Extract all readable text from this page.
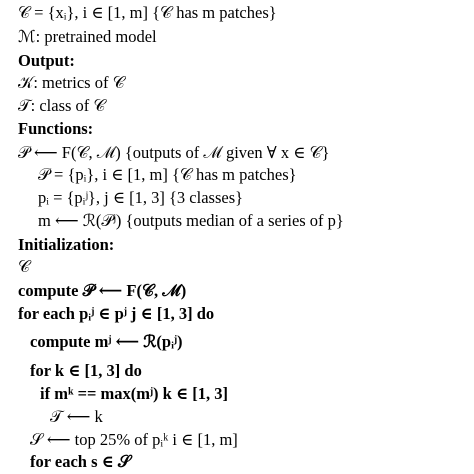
𝒞 = {xᵢ}, i ∈ [1, m] {𝒞 has m patches}
ℳ: pretrained model
Output:
𝒦: metrics of 𝒞
𝒯: class of 𝒞
Functions:
𝒫 ⟵ F(𝒞, ℳ) {outputs of ℳ given ∀ x ∈ 𝒞}
𝒫 = {pᵢ}, i ∈ [1, m] {𝒞 has m patches}
pᵢ = {pᵢʲ}, j ∈ [1, 3] {3 classes}
m ⟵ ℛ(𝒫ʲ) {outputs median of a series of p}
Initialization:
𝒞
compute 𝒫 ⟵ F(𝒞, ℳ)
for each pᵢʲ ∈ pʲ j ∈ [1, 3] do
compute mʲ ⟵ ℛ(pᵢʲ)
for k ∈ [1, 3] do
if mᵏ == max(mʲ) k ∈ [1, 3]
𝒯 ⟵ k
𝒮 ⟵ top 25% of pᵢᵏ i ∈ [1, m]
for each s ∈ 𝒮
